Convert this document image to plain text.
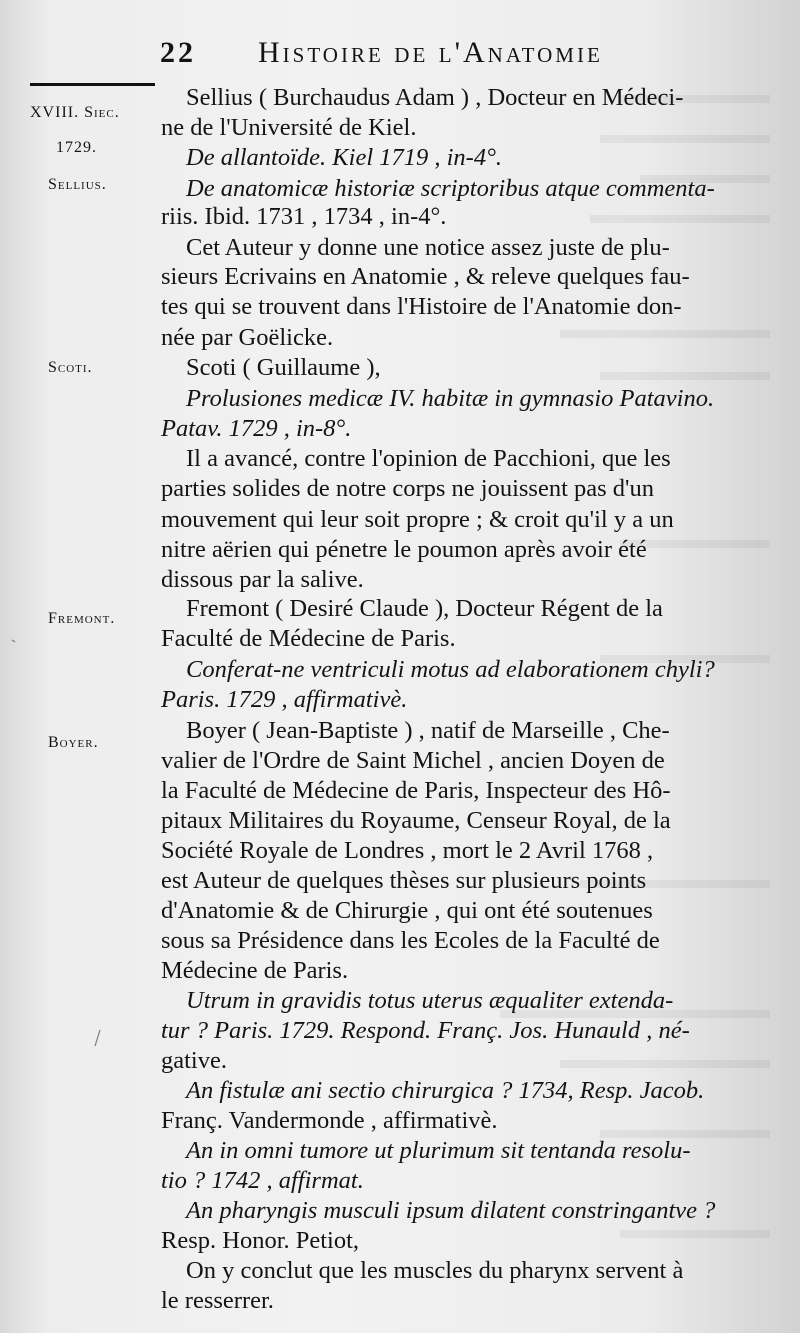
22 Histoire de l'Anatomie
XVIII. Siec.
1729.
Sellius.
Scoti.
Fremont.
Boyer.
Sellius ( Burchaudus Adam ) , Docteur en Médeci-
ne de l'Université de Kiel.
De allantoïde. Kiel 1719 , in-4°.
De anatomicæ historiæ scriptoribus atque commenta-
riis. Ibid. 1731 , 1734 , in-4°.
Cet Auteur y donne une notice assez juste de plu-
sieurs Ecrivains en Anatomie , & releve quelques fau-
tes qui se trouvent dans l'Histoire de l'Anatomie don-
née par Goëlicke.
Scoti ( Guillaume ),
Prolusiones medicæ IV. habitæ in gymnasio Patavino.
Patav. 1729 , in-8°.
Il a avancé, contre l'opinion de Pacchioni, que les
parties solides de notre corps ne jouissent pas d'un
mouvement qui leur soit propre ; & croit qu'il y a un
nitre aërien qui pénetre le poumon après avoir été
dissous par la salive.
Fremont ( Desiré Claude ), Docteur Régent de la
Faculté de Médecine de Paris.
Conferat-ne ventriculi motus ad elaborationem chyli?
Paris. 1729 , affirmativè.
Boyer ( Jean-Baptiste ) , natif de Marseille , Che-
valier de l'Ordre de Saint Michel , ancien Doyen de
la Faculté de Médecine de Paris, Inspecteur des Hô-
pitaux Militaires du Royaume, Censeur Royal, de la
Société Royale de Londres , mort le 2 Avril 1768 ,
est Auteur de quelques thèses sur plusieurs points
d'Anatomie & de Chirurgie , qui ont été soutenues
sous sa Présidence dans les Ecoles de la Faculté de
Médecine de Paris.
Utrum in gravidis totus uterus æqualiter extenda-
tur ? Paris. 1729. Respond. Franç. Jos. Hunauld , né-
gative.
An fistulæ ani sectio chirurgica ? 1734, Resp. Jacob.
Franç. Vandermonde , affirmativè.
An in omni tumore ut plurimum sit tentanda resolu-
tio ? 1742 , affirmat.
An pharyngis musculi ipsum dilatent constringantve ?
Resp. Honor. Petiot,
On y conclut que les muscles du pharynx servent à
le resserrer.
